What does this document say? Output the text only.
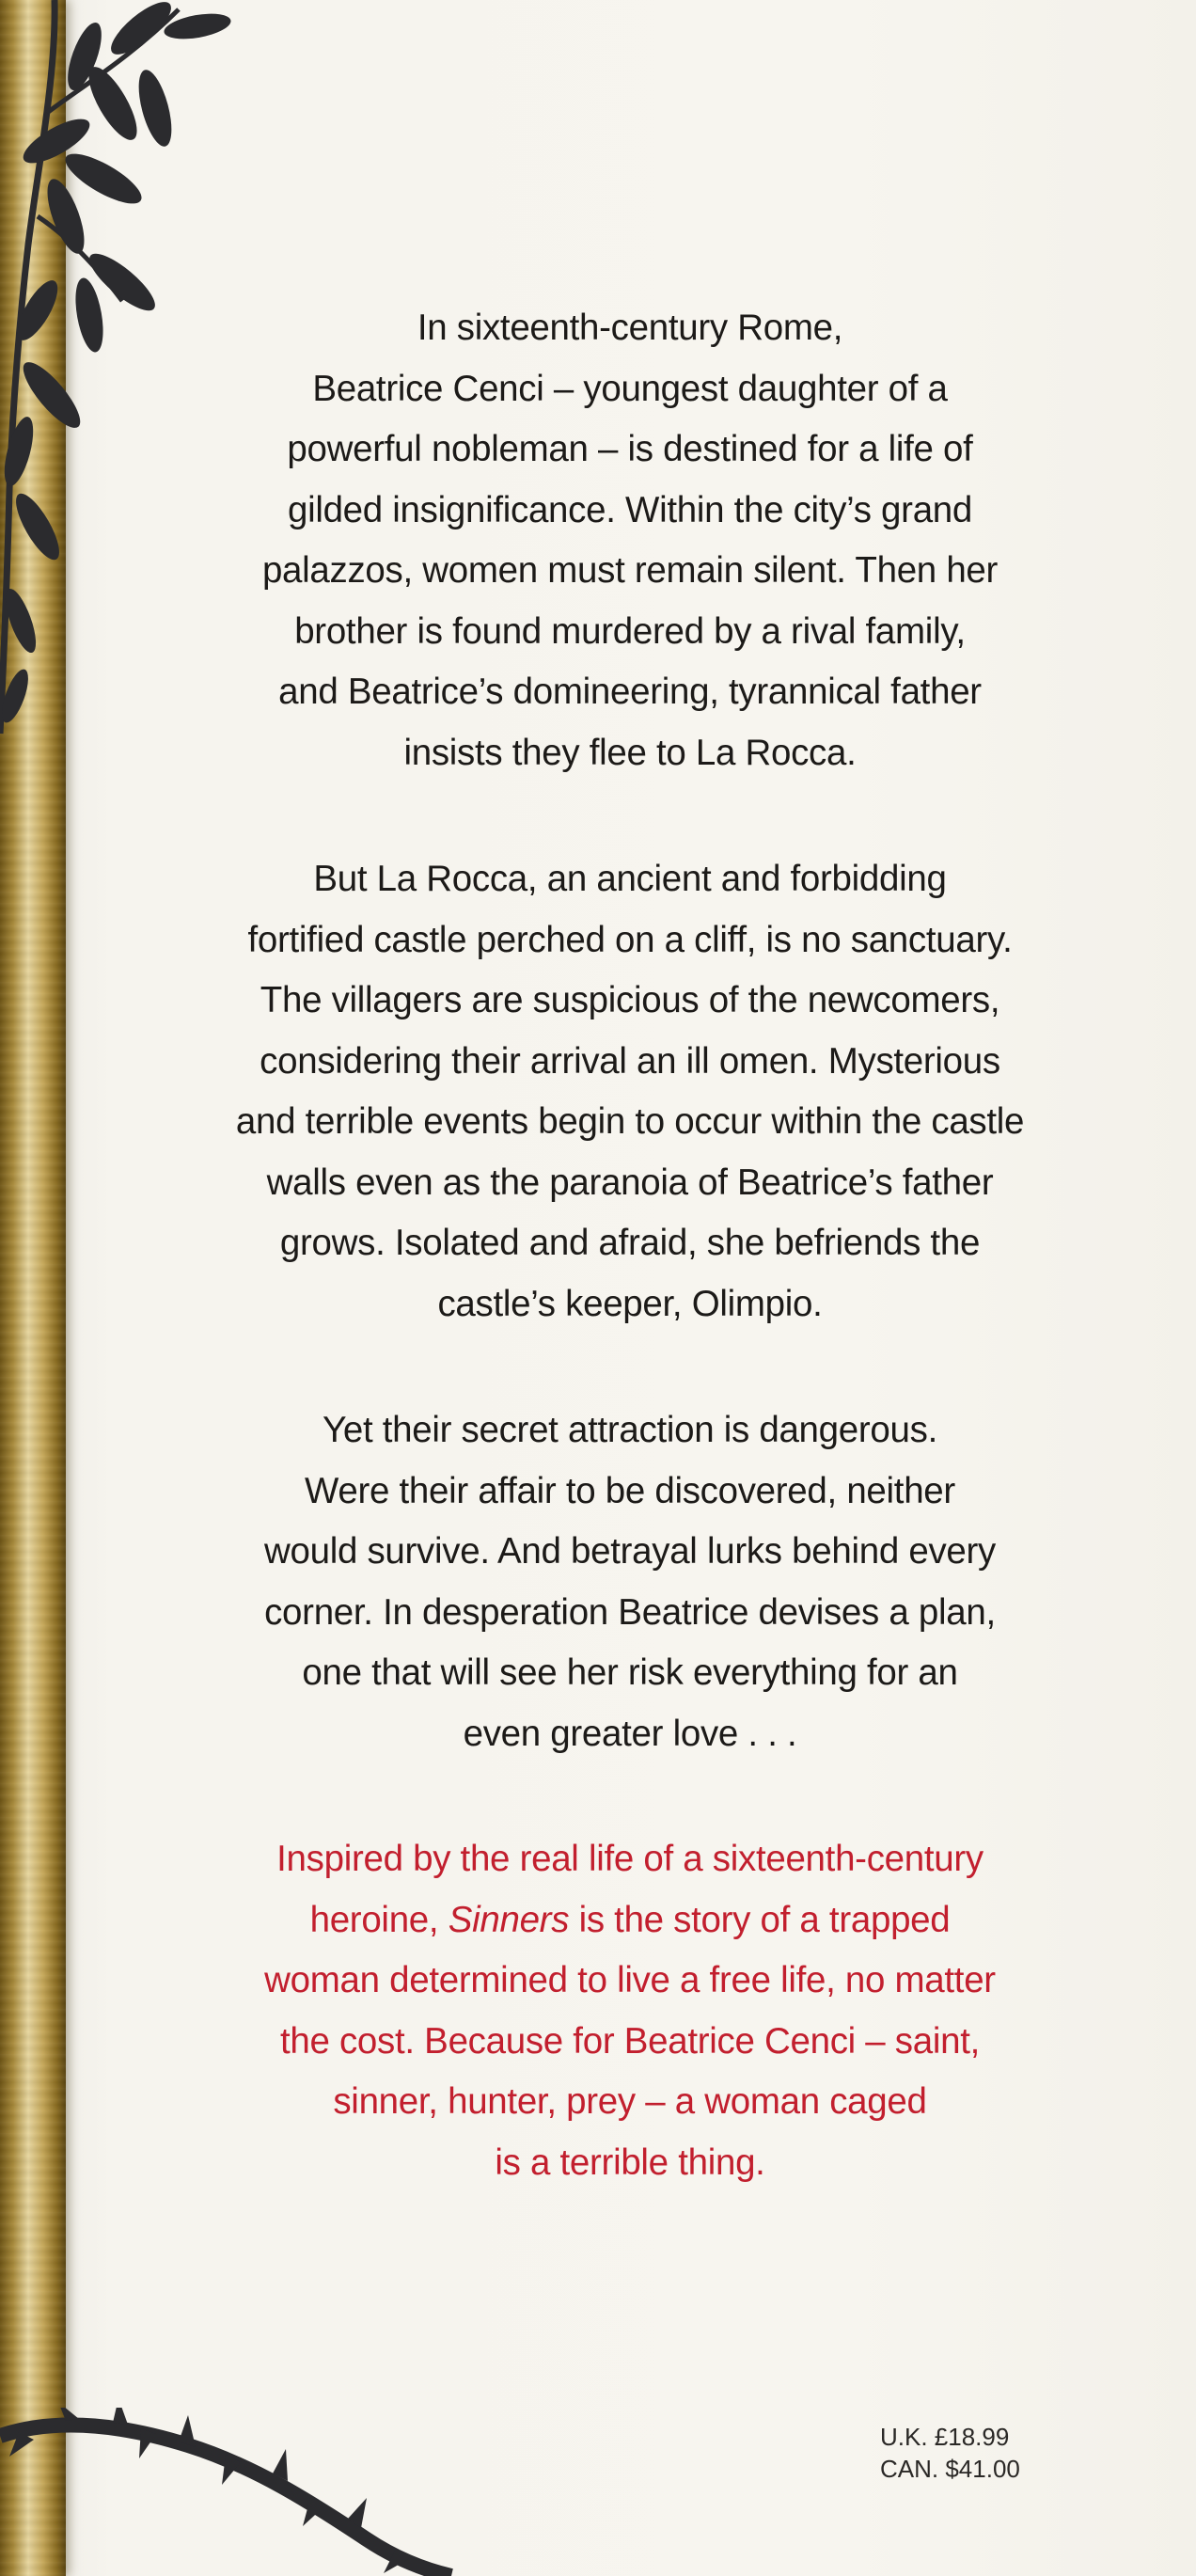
In sixteenth-century Rome,

Beatrice Cenci – youngest daughter of a

powerful nobleman – is destined for a life of

gilded insignificance. Within the city’s grand

palazzos, women must remain silent. Then her

brother is found murdered by a rival family,

and Beatrice’s domineering, tyrannical father

insists they flee to La Rocca.

But La Rocca, an ancient and forbidding

fortified castle perched on a cliff, is no sanctuary.

The villagers are suspicious of the newcomers,

considering their arrival an ill omen. Mysterious

and terrible events begin to occur within the castle

walls even as the paranoia of Beatrice’s father

grows. Isolated and afraid, she befriends the

castle’s keeper, Olimpio.

Yet their secret attraction is dangerous.

Were their affair to be discovered, neither

would survive. And betrayal lurks behind every

corner. In desperation Beatrice devises a plan,

one that will see her risk everything for an

even greater love . . .

Inspired by the real life of a sixteenth-century

heroine, Sinners is the story of a trapped

woman determined to live a free life, no matter

the cost. Because for Beatrice Cenci – saint,

sinner, hunter, prey – a woman caged

is a terrible thing.

U.K. £18.99
CAN. $41.00
